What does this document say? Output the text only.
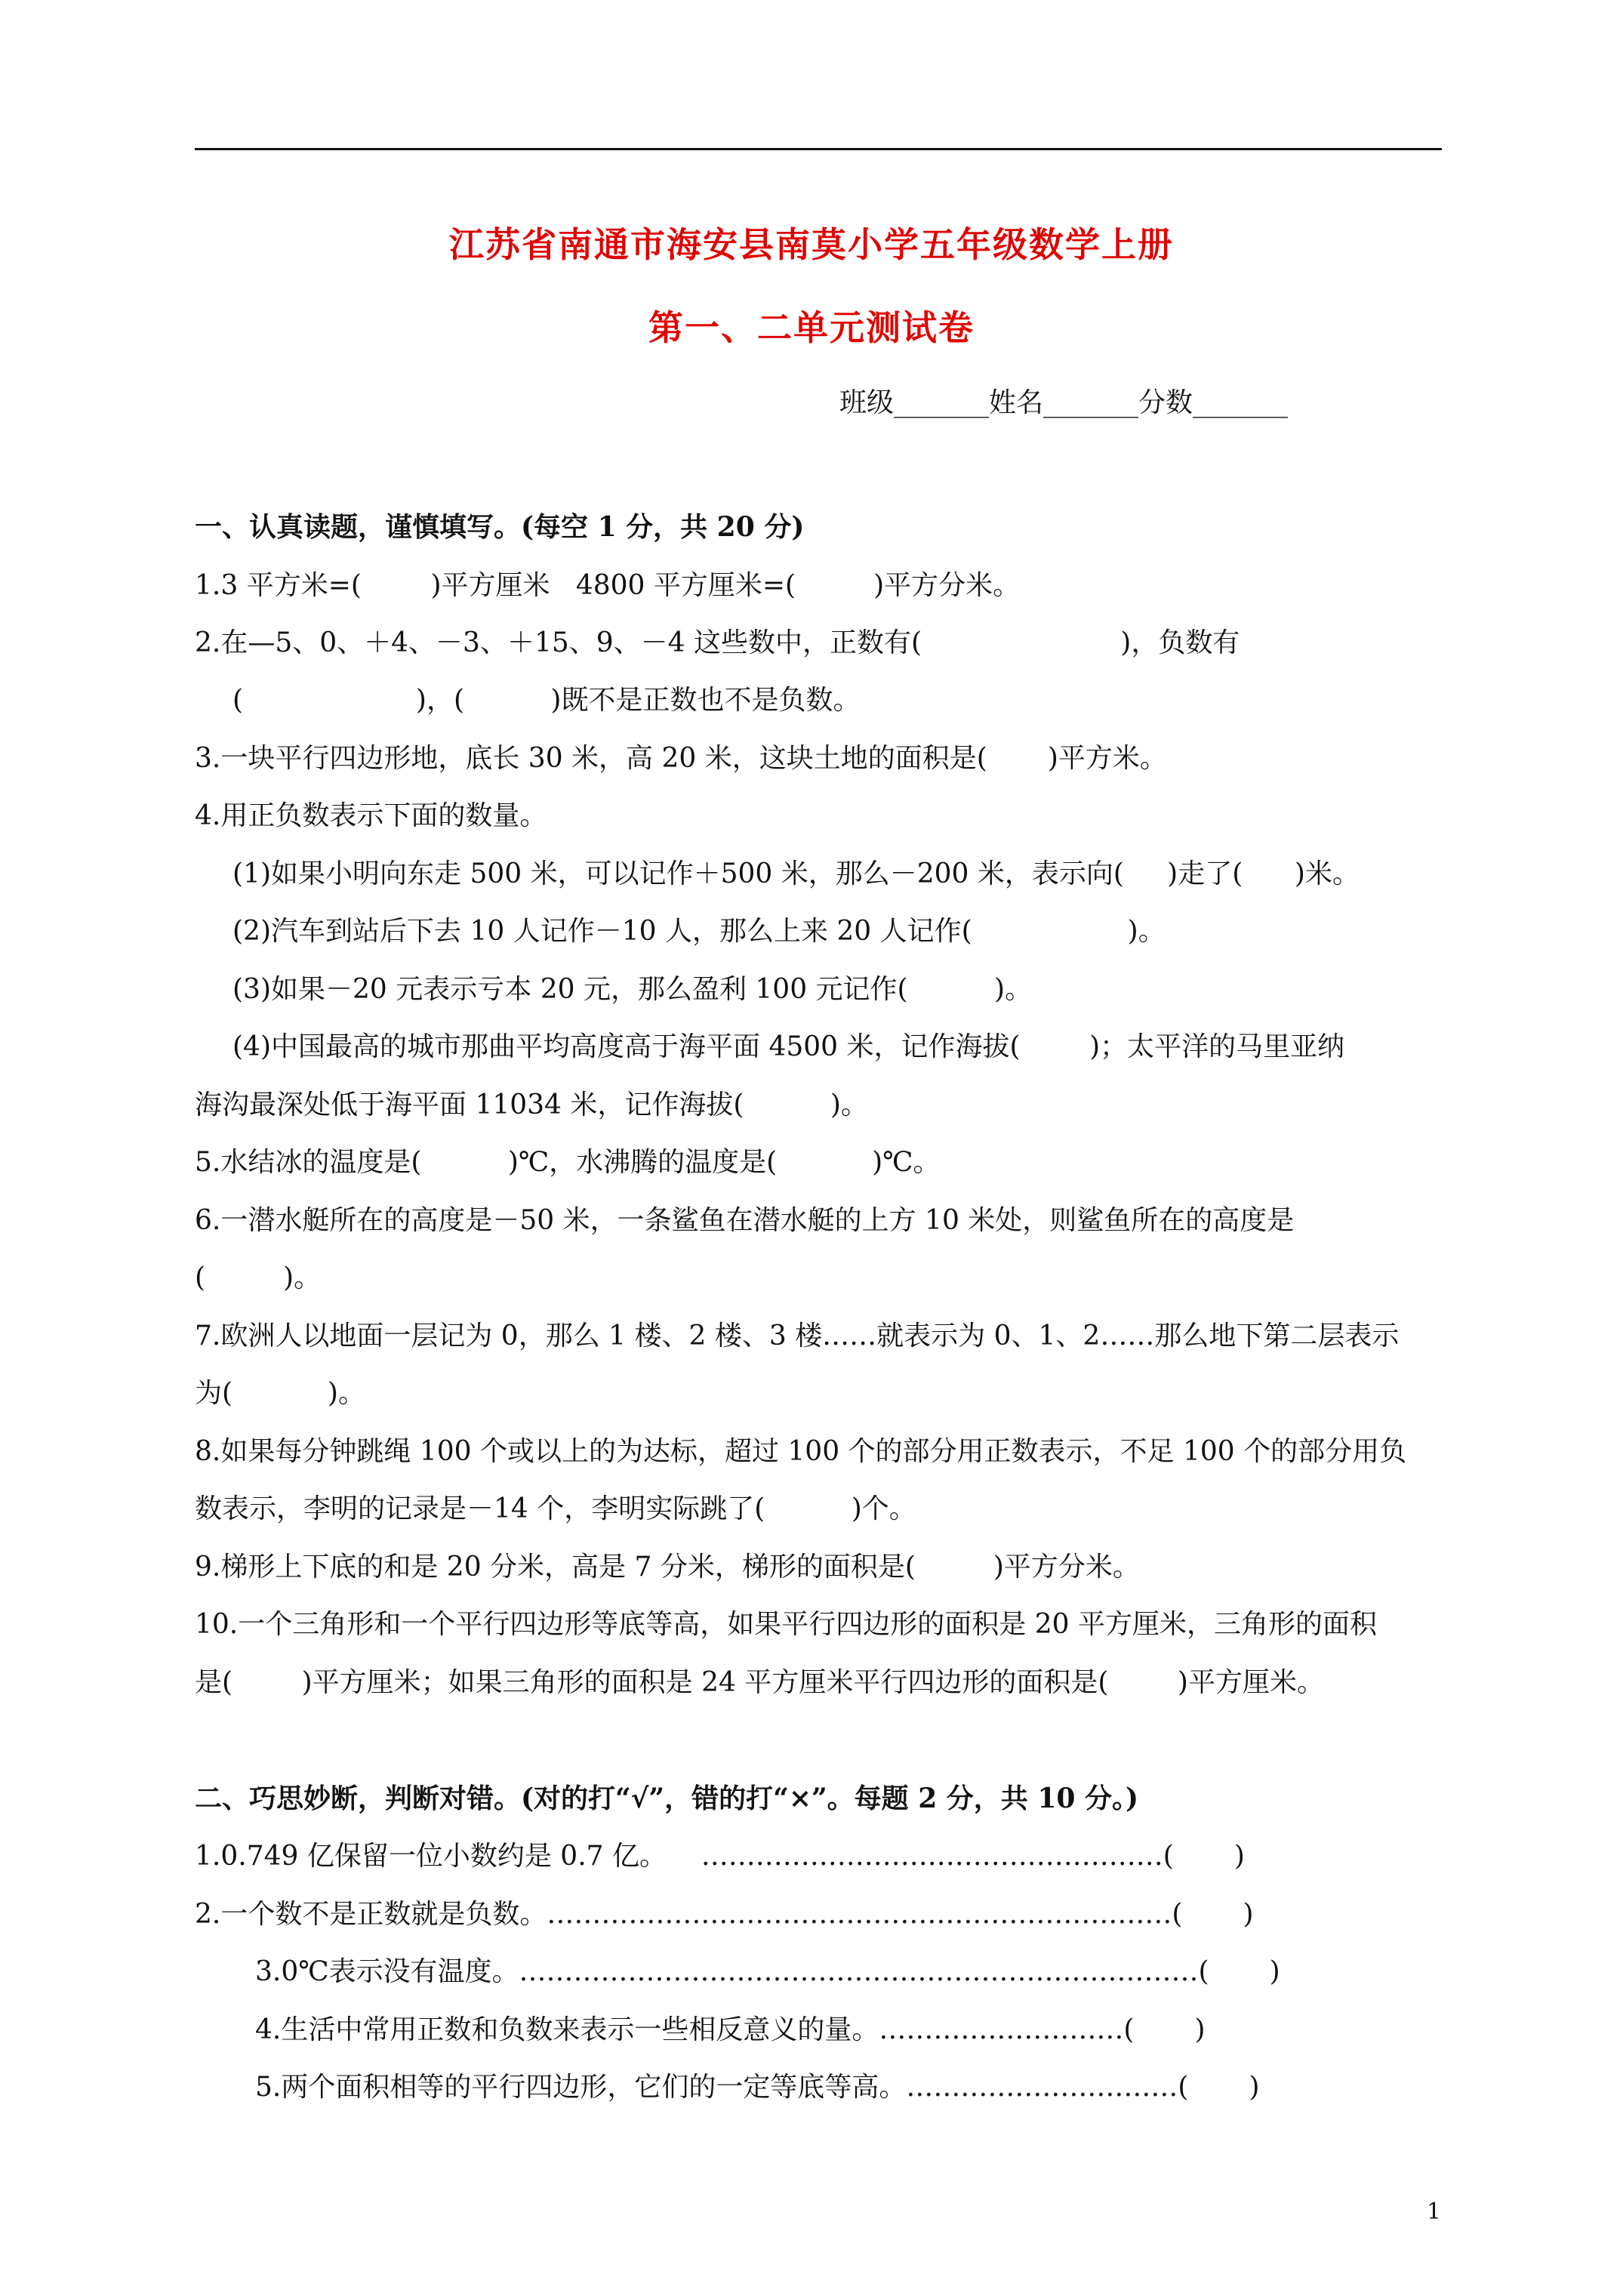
江苏省南通市海安县南莫小学五年级数学上册
第一、二单元测试卷
班级_______姓名_______分数_______
一、认真读题，谨慎填写。(每空 1 分，共 20 分)
1.3 平方米=(        )平方厘米   4800 平方厘米=(         )平方分米。
2.在—5、0、＋4、－3、＋15、9、－4 这些数中，正数有(                       )，负数有
(                    )，(          )既不是正数也不是负数。
3.一块平行四边形地，底长 30 米，高 20 米，这块土地的面积是(       )平方米。
4.用正负数表示下面的数量。
(1)如果小明向东走 500 米，可以记作＋500 米，那么－200 米，表示向(     )走了(      )米。
(2)汽车到站后下去 10 人记作－10 人，那么上来 20 人记作(                  )。
(3)如果－20 元表示亏本 20 元，那么盈利 100 元记作(          )。
(4)中国最高的城市那曲平均高度高于海平面 4500 米，记作海拔(        )；太平洋的马里亚纳
海沟最深处低于海平面 11034 米，记作海拔(          )。
5.水结冰的温度是(          )℃，水沸腾的温度是(           )℃。
6.一潜水艇所在的高度是－50 米，一条鲨鱼在潜水艇的上方 10 米处，则鲨鱼所在的高度是
(         )。
7.欧洲人以地面一层记为 0，那么 1 楼、2 楼、3 楼……就表示为 0、1、2……那么地下第二层表示
为(           )。
8.如果每分钟跳绳 100 个或以上的为达标，超过 100 个的部分用正数表示，不足 100 个的部分用负
数表示，李明的记录是－14 个，李明实际跳了(          )个。
9.梯形上下底的和是 20 分米，高是 7 分米，梯形的面积是(         )平方分米。
10.一个三角形和一个平行四边形等底等高，如果平行四边形的面积是 20 平方厘米，三角形的面积
是(        )平方厘米；如果三角形的面积是 24 平方厘米平行四边形的面积是(        )平方厘米。
二、巧思妙断，判断对错。(对的打“√”，错的打“×”。每题 2 分，共 10 分。)
1.0.749 亿保留一位小数约是 0.7 亿。    ……………………………………………(       )
2.一个数不是正数就是负数。……………………………………………………………(       )
3.0℃表示没有温度。…………………………………………………………………(       )
4.生活中常用正数和负数来表示一些相反意义的量。………………………(       )
5.两个面积相等的平行四边形，它们的一定等底等高。…………………………(       )
1
